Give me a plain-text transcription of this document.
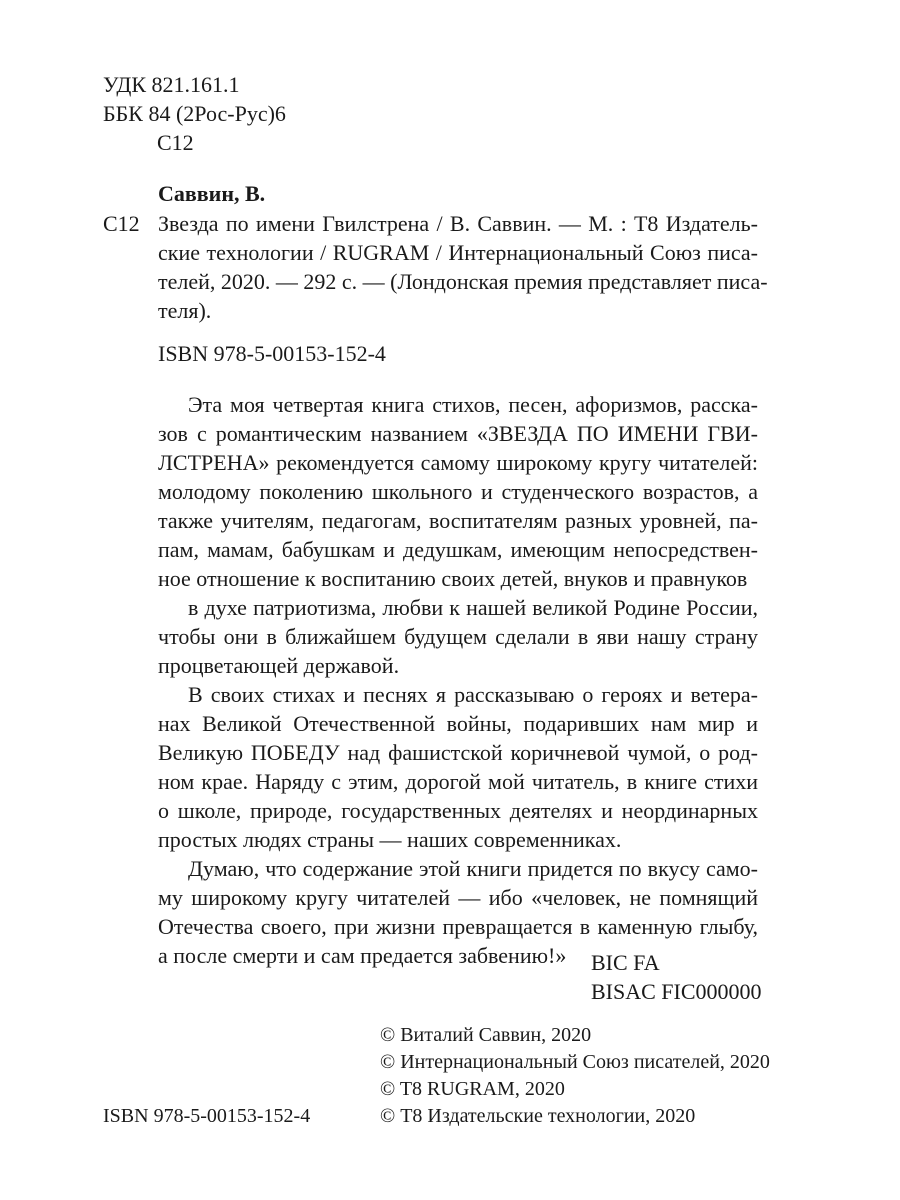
УДК 821.161.1
ББК 84 (2Рос-Рус)6
С12
Саввин, В.
С12 Звезда по имени Гвилстрена / В. Саввин. — М. : Т8 Издатель-
ские технологии / RUGRAM / Интернациональный Союз писа-
телей, 2020. — 292 с. — (Лондонская премия представляет писа-
теля).
ISBN 978-5-00153-152-4
Эта моя четвертая книга стихов, песен, афоризмов, расска-
зов с романтическим названием «ЗВЕЗДА ПО ИМЕНИ ГВИ-
ЛСТРЕНА» рекомендуется самому широкому кругу читателей:
молодому поколению школьного и студенческого возрастов, а
также учителям, педагогам, воспитателям разных уровней, па-
пам, мамам, бабушкам и дедушкам, имеющим непосредствен-
ное отношение к воспитанию своих детей, внуков и правнуков
в духе патриотизма, любви к нашей великой Родине России,
чтобы они в ближайшем будущем сделали в яви нашу страну
процветающей державой.
В своих стихах и песнях я рассказываю о героях и ветера-
нах Великой Отечественной войны, подаривших нам мир и
Великую ПОБЕДУ над фашистской коричневой чумой, о род-
ном крае. Наряду с этим, дорогой мой читатель, в книге стихи
о школе, природе, государственных деятелях и неординарных
простых людях страны — наших современниках.
Думаю, что содержание этой книги придется по вкусу само-
му широкому кругу читателей — ибо «человек, не помнящий
Отечества своего, при жизни превращается в каменную глыбу,
а после смерти и сам предается забвению!»	BIC FA
BISAC FIC000000
© Виталий Саввин, 2020
© Интернациональный Союз писателей, 2020
© T8 RUGRAM, 2020
© Т8 Издательские технологии, 2020
ISBN 978-5-00153-152-4
